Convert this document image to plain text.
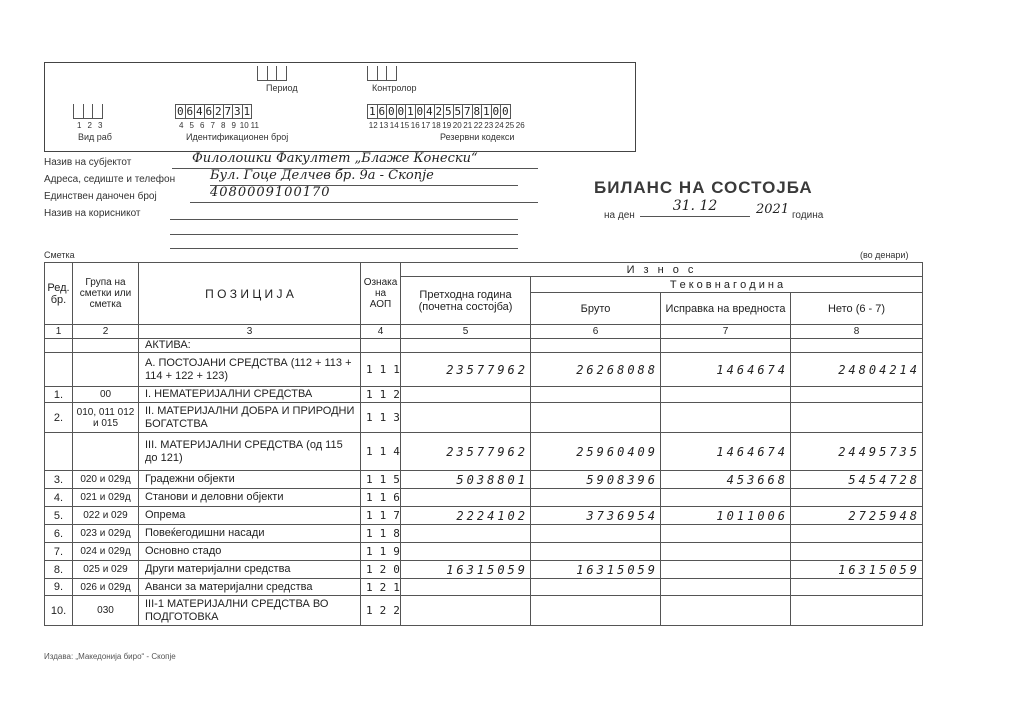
Период	Контролор
1 2 3
Вид раб
0 6 4 6 2 7 3 1
4 5 6 7 8 9 10 11
Идентификационен број
1 6 0 0 1 0 4 2 5 5 7 8 1 0 0
12 13 14 15 16 17 18 19 20 21 22 23 24 25 26
Резервни кодекси
Назив на субјектот	Филолошки Факултет „Блаже Конески“
Адреса, седиште и телефон	Бул. Гоце Делчев бр. 9а - Скопје
Единствен даночен број	4080009100170
Назив на корисникот
БИЛАНС НА СОСТОЈБА
на ден
31. 12	2021 година
Сметка	(во денари)
Ред. бр.	Група на сметки или сметка	П О З И Ц И Ј А	Ознака на АОП	И з н о с			
				Претходна година (почетна состојба)	Т е к о в н а г о д и н а		
					Бруто	Исправка на вредноста	Нето (6 - 7)
1	2	3	4	5	6	7	8
		АКТИВА:					
		А. ПОСТОЈАНИ СРЕДСТВА (112 + 113 + 114 + 122 + 123)	111	23577962	26268088	1464674	24804214
1.	00	I. НЕМАТЕРИЈАЛНИ СРЕДСТВА	112				
2.	010, 011 012 и 015	II. МАТЕРИЈАЛНИ ДОБРА И ПРИРОДНИ БОГАТСТВА	113				
		III. МАТЕРИЈАЛНИ СРЕДСТВА (од 115 до 121)	114	23577962	25960409	1464674	24495735
3.	020 и 029д	Градежни објекти	115	5038801	5908396	453668	5454728
4.	021 и 029д	Станови и деловни објекти	116				
5.	022 и 029	Опрема	117	2224102	3736954	1011006	2725948
6.	023 и 029д	Повеќегодишни насади	118				
7.	024 и 029д	Основно стадо	119				
8.	025 и 029	Други материјални средства	120	16315059	16315059		16315059
9.	026 и 029д	Аванси за материјални средства	121				
10.	030	III-1 МАТЕРИЈАЛНИ СРЕДСТВА ВО ПОДГОТОВКА	122				
Издава: „Македонија биро“ - Скопје
